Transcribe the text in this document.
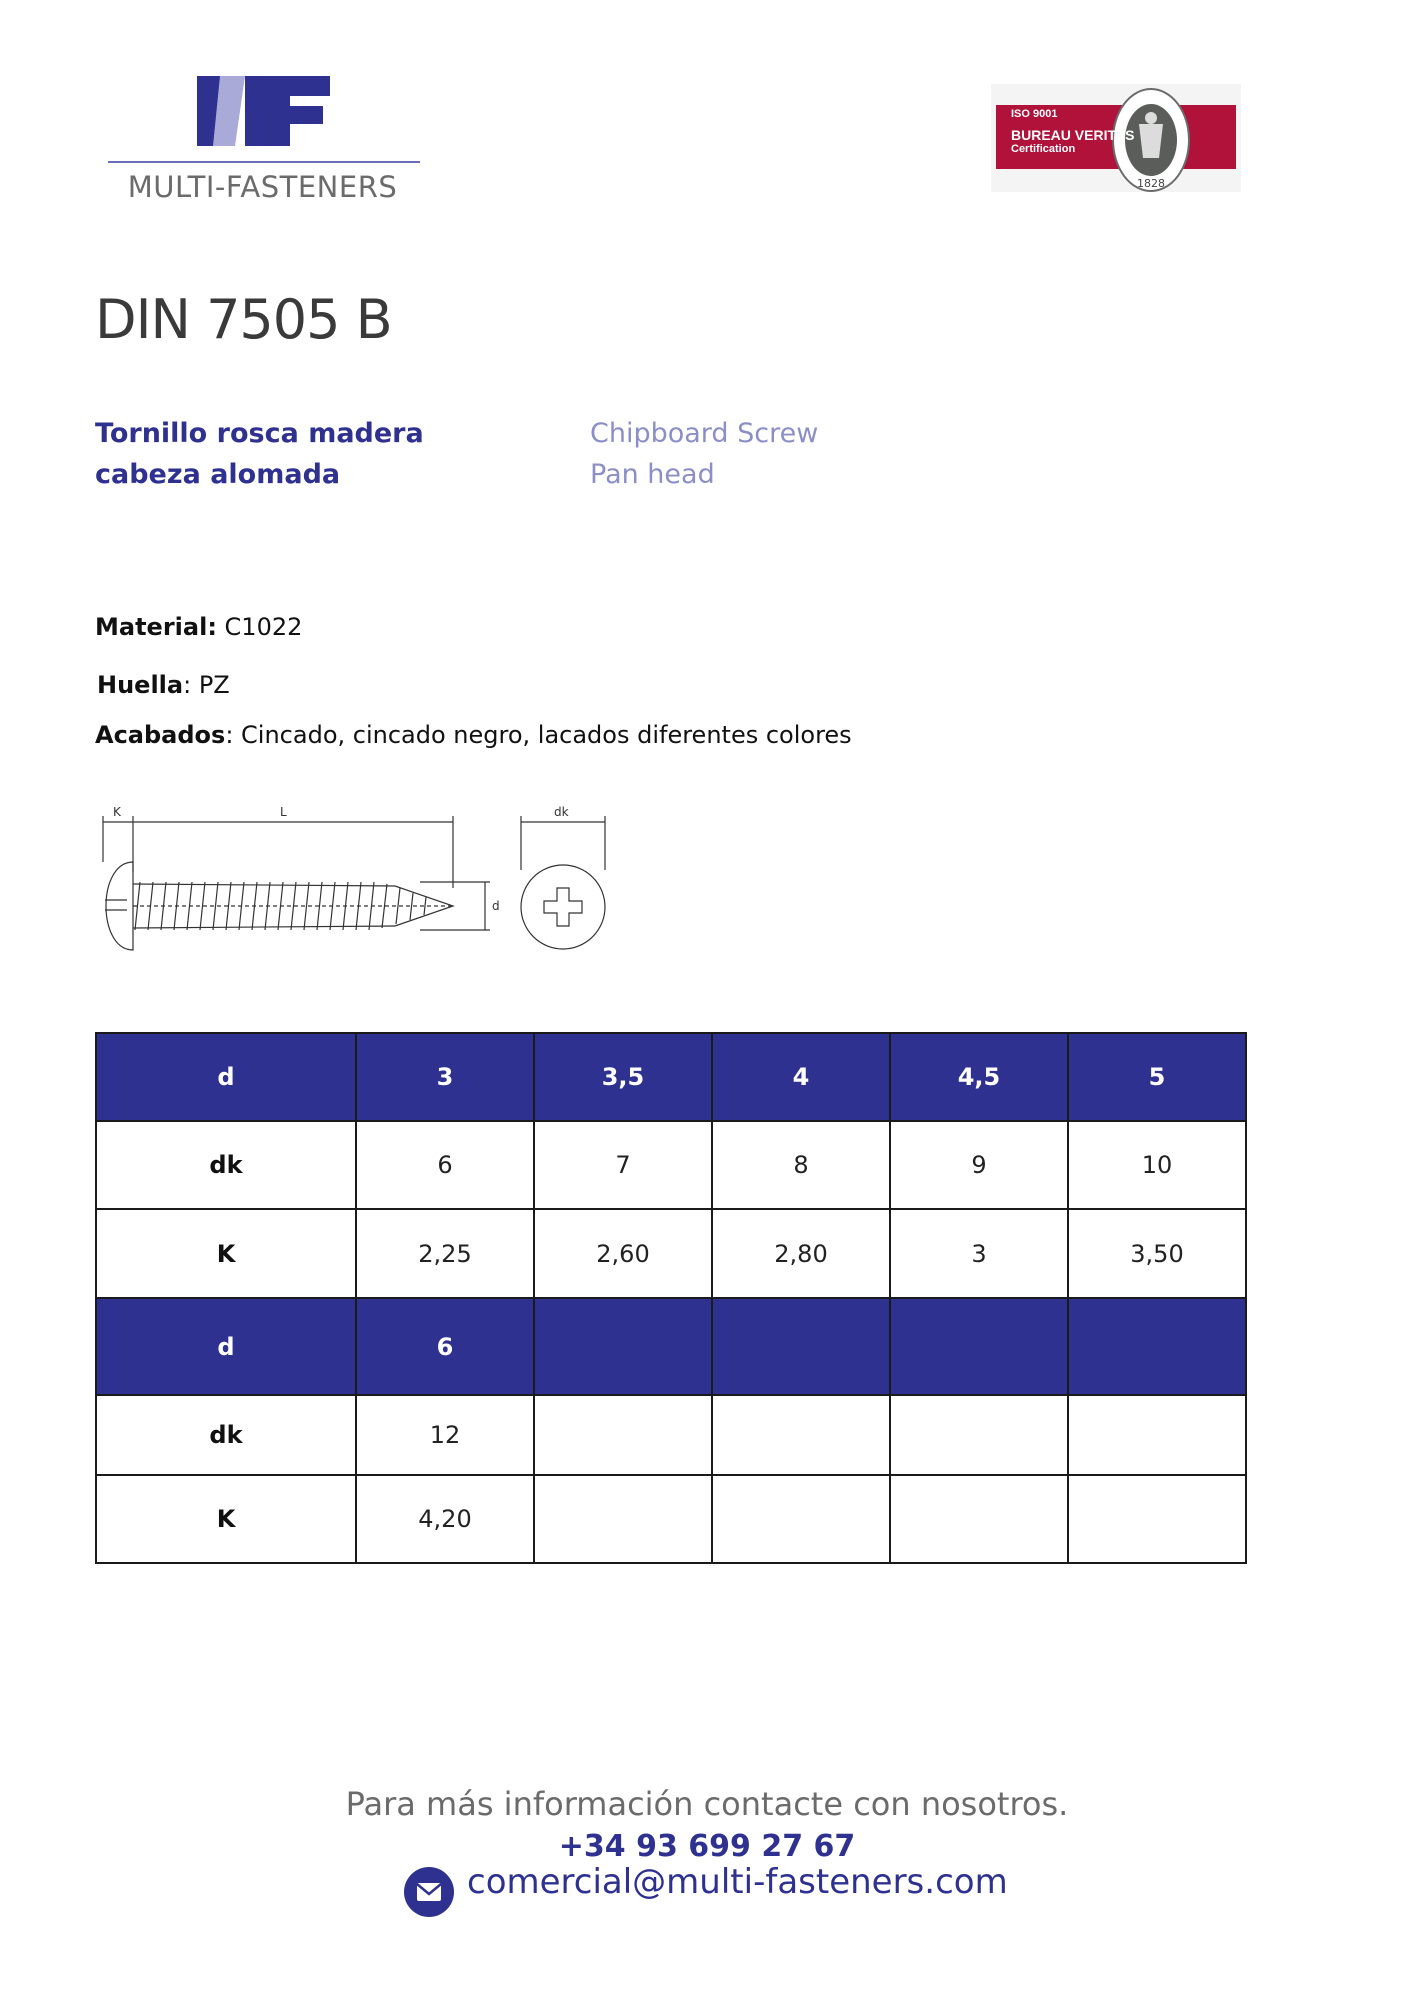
MULTI-FASTENERS	1828
ISO 9001
BUREAU VERITAS
Certification
DIN 7505 B
Tornillo rosca madera
cabeza alomada
Chipboard Screw
Pan head
Material: C1022
Huella: PZ
Acabados: Cincado, cincado negro, lacados diferentes colores
K	L
d
dk
d	3	3,5	4	4,5	5
dk	6	7	8	9	10
K	2,25	2,60	2,80	3	3,50
d	6				
dk	12				
K	4,20				
Para más información contacte con nosotros.
+34 93 699 27 67
comercial@multi-fasteners.com
